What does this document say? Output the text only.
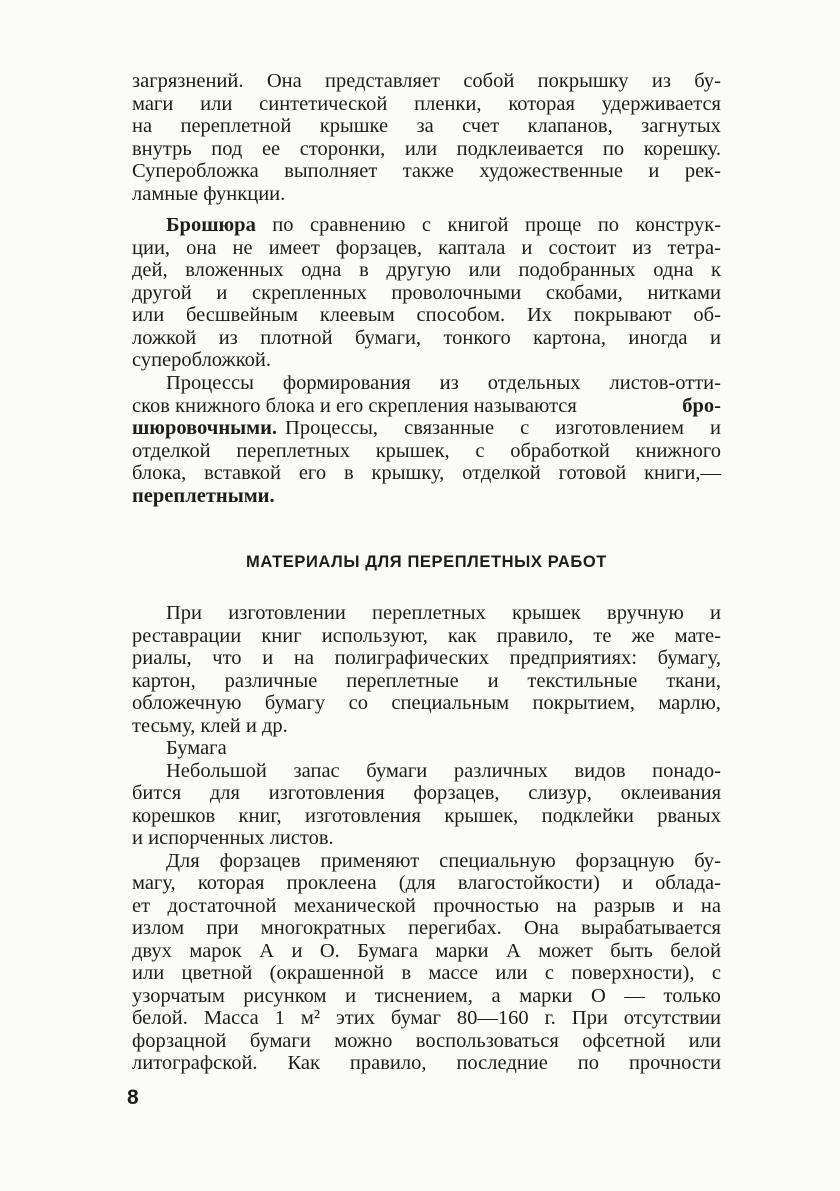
загрязнений. Она представляет собой покрышку из бу-
маги или синтетической пленки, которая удерживается
на переплетной крышке за счет клапанов, загнутых
внутрь под ее сторонки, или подклеивается по корешку.
Суперобложка выполняет также художественные и рек-
ламные функции.
Брошюра по сравнению с книгой проще по конструк-
ции, она не имеет форзацев, каптала и состоит из тетра-
дей, вложенных одна в другую или подобранных одна к
другой и скрепленных проволочными скобами, нитками
или бесшвейным клеевым способом. Их покрывают об-
ложкой из плотной бумаги, тонкого картона, иногда и
суперобложкой.
Процессы формирования из отдельных листов-отти-
сков книжного блока и его скрепления называются	бро-
шюровочными. Процессы, связанные с изготовлением и
отделкой переплетных крышек, с обработкой книжного
блока, вставкой его в крышку, отделкой готовой книги,—
переплетными.
МАТЕРИАЛЫ ДЛЯ ПЕРЕПЛЕТНЫХ РАБОТ
При изготовлении переплетных крышек вручную и
реставрации книг используют, как правило, те же мате-
риалы, что и на полиграфических предприятиях: бумагу,
картон, различные переплетные и текстильные ткани,
обложечную бумагу со специальным покрытием, марлю,
тесьму, клей и др.
Бумага
Небольшой запас бумаги различных видов понадо-
бится для изготовления форзацев, слизур, оклеивания
корешков книг, изготовления крышек, подклейки рваных
и испорченных листов.
Для форзацев применяют специальную форзацную бу-
магу, которая проклеена (для влагостойкости) и облада-
ет достаточной механической прочностью на разрыв и на
излом при многократных перегибах. Она вырабатывается
двух марок А и О. Бумага марки А может быть белой
или цветной (окрашенной в массе или с поверхности), с
узорчатым рисунком и тиснением, а марки О — только
белой. Масса 1 м² этих бумаг 80—160 г. При отсутствии
форзацной бумаги можно воспользоваться офсетной или
литографской. Как правило, последние по прочности
8
